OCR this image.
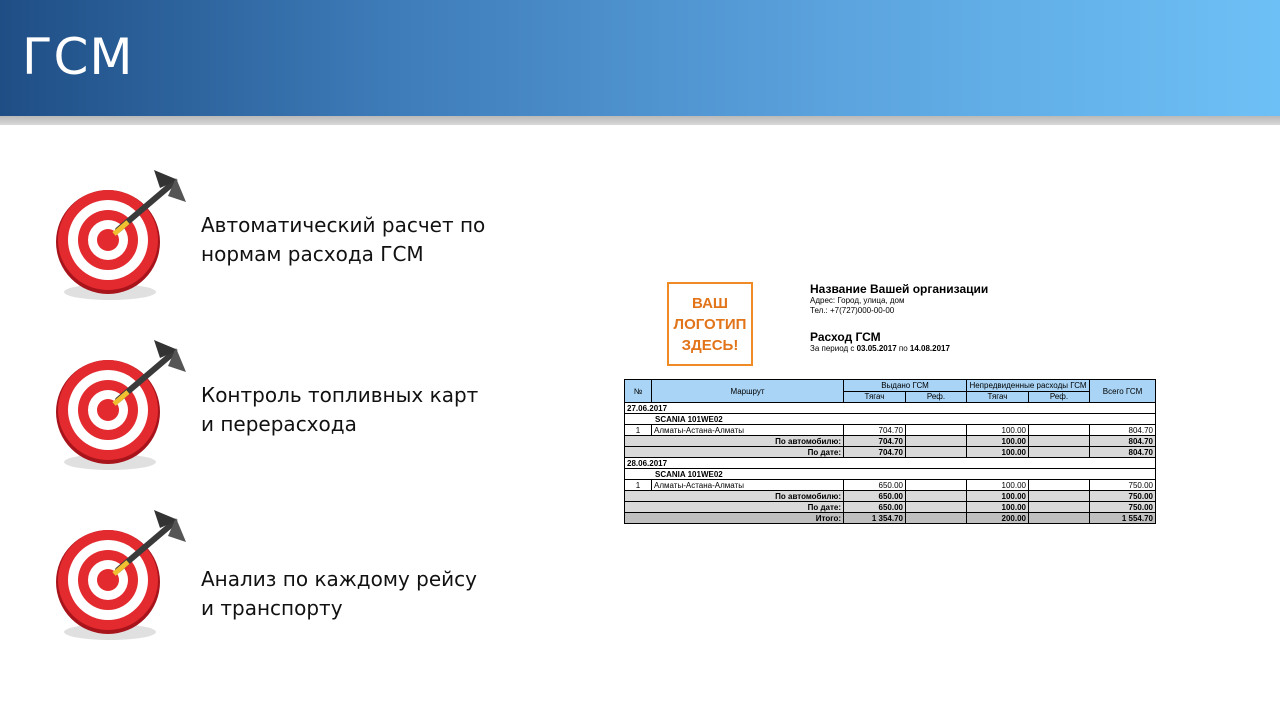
ГСМ
Автоматический расчет по
нормам расхода ГСМ
Контроль топливных карт
и перерасхода
Анализ по каждому рейсу
и транспорту
ВАШ
ЛОГОТИП
ЗДЕСЬ!
Название Вашей организации
Адрес: Город, улица, дом
Тел.: +7(727)000-00-00
Расход ГСМ
За период с 03.05.2017 по 14.08.2017
№	Маршрут	Выдано ГСМ		Непредвиденные расходы ГСМ		Всего ГСМ
		Тягач	Реф.	Тягач	Реф.	
27.06.2017						
SCANIA 101WE02						
1	Алматы-Астана-Алматы	704.70		100.00		804.70
По автомобилю:		704.70		100.00		804.70
По дате:		704.70		100.00		804.70
28.06.2017						
SCANIA 101WE02						
1	Алматы-Астана-Алматы	650.00		100.00		750.00
По автомобилю:		650.00		100.00		750.00
По дате:		650.00		100.00		750.00
Итого:		1 354.70		200.00		1 554.70
